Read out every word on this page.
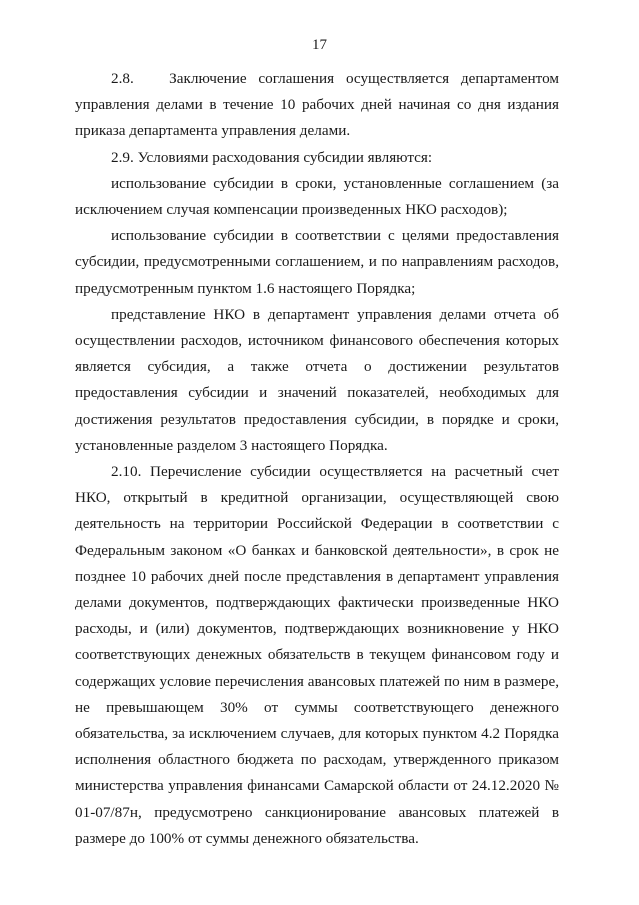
17

2.8.   Заключение соглашения осуществляется департаментом управления делами в течение 10 рабочих дней начиная со дня издания приказа департамента управления делами.

2.9. Условиями расходования субсидии являются:

использование субсидии в сроки, установленные соглашением (за исключением случая компенсации произведенных НКО расходов);

использование субсидии в соответствии с целями предоставления субсидии, предусмотренными соглашением, и по направлениям расходов, предусмотренным пунктом 1.6 настоящего Порядка;

представление НКО в департамент управления делами отчета об осуществлении расходов, источником финансового обеспечения которых является субсидия, а также отчета о достижении результатов предоставления субсидии и значений показателей, необходимых для достижения результатов предоставления субсидии, в порядке и сроки, установленные разделом 3 настоящего Порядка.

2.10. Перечисление субсидии осуществляется на расчетный счет НКО, открытый в кредитной организации, осуществляющей свою деятельность на территории Российской Федерации в соответствии с Федеральным законом «О банках и банковской деятельности», в срок не позднее 10 рабочих дней после представления в департамент управления делами документов, подтверждающих фактически произведенные НКО расходы, и (или) документов, подтверждающих возникновение у НКО соответствующих денежных обязательств в текущем финансовом году и содержащих условие перечисления авансовых платежей по ним в размере, не превышающем 30% от суммы соответствующего денежного обязательства, за исключением случаев, для которых пунктом 4.2 Порядка исполнения областного бюджета по расходам, утвержденного приказом министерства управления финансами Самарской области от 24.12.2020 № 01-07/87н, предусмотрено санкционирование авансовых платежей в размере до 100% от суммы денежного обязательства.
